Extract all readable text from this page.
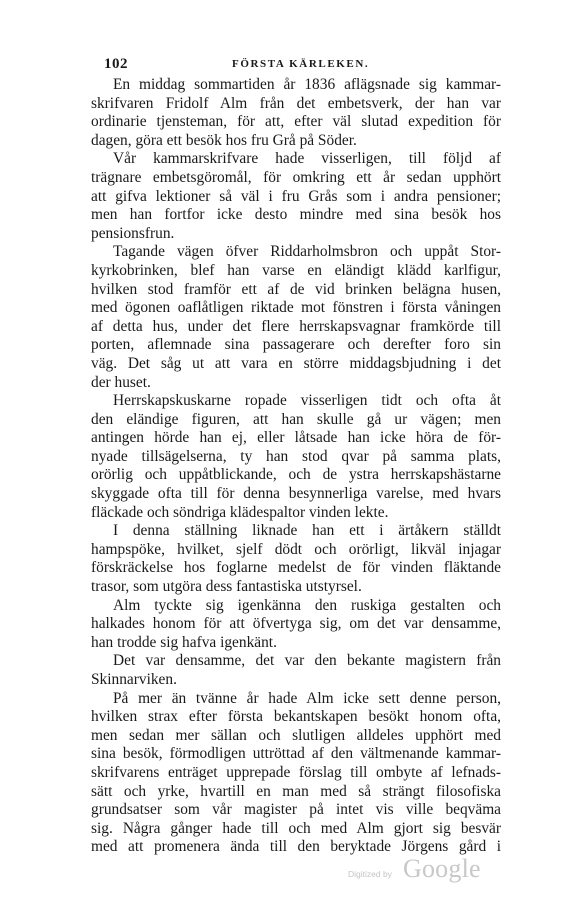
102	FÖRSTA KÄRLEKEN.
En middag sommartiden år 1836 aflägsnade sig kammar-
skrifvaren Fridolf Alm från det embetsverk, der han var
ordinarie tjensteman, för att, efter väl slutad expedition för
dagen, göra ett besök hos fru Grå på Söder.
Vår kammarskrifvare hade visserligen, till följd af
trägnare embetsgöromål, för omkring ett år sedan upphört
att gifva lektioner så väl i fru Grås som i andra pensioner;
men han fortfor icke desto mindre med sina besök hos
pensionsfrun.
Tagande vägen öfver Riddarholmsbron och uppåt Stor-
kyrkobrinken, blef han varse en eländigt klädd karlfigur,
hvilken stod framför ett af de vid brinken belägna husen,
med ögonen oaflåtligen riktade mot fönstren i första våningen
af detta hus, under det flere herrskapsvagnar framkörde till
porten, aflemnade sina passagerare och derefter foro sin
väg. Det såg ut att vara en större middagsbjudning i det
der huset.
Herrskapskuskarne ropade visserligen tidt och ofta åt
den eländige figuren, att han skulle gå ur vägen; men
antingen hörde han ej, eller låtsade han icke höra de för-
nyade tillsägelserna, ty han stod qvar på samma plats,
orörlig och uppåtblickande, och de ystra herrskapshästarne
skyggade ofta till för denna besynnerliga varelse, med hvars
fläckade och söndriga klädespaltor vinden lekte.
I denna ställning liknade han ett i ärtåkern ställdt
hampspöke, hvilket, sjelf dödt och orörligt, likväl injagar
förskräckelse hos foglarne medelst de för vinden fläktande
trasor, som utgöra dess fantastiska utstyrsel.
Alm tyckte sig igenkänna den ruskiga gestalten och
halkades honom för att öfvertyga sig, om det var densamme,
han trodde sig hafva igenkänt.
Det var densamme, det var den bekante magistern från
Skinnarviken.
På mer än tvänne år hade Alm icke sett denne person,
hvilken strax efter första bekantskapen besökt honom ofta,
men sedan mer sällan och slutligen alldeles upphört med
sina besök, förmodligen uttröttad af den vältmenande kammar-
skrifvarens enträget upprepade förslag till ombyte af lefnads-
sätt och yrke, hvartill en man med så strängt filosofiska
grundsatser som vår magister på intet vis ville beqväma
sig. Några gånger hade till och med Alm gjort sig besvär
med att promenera ända till den beryktade Jörgens gård i
Digitized by Google
